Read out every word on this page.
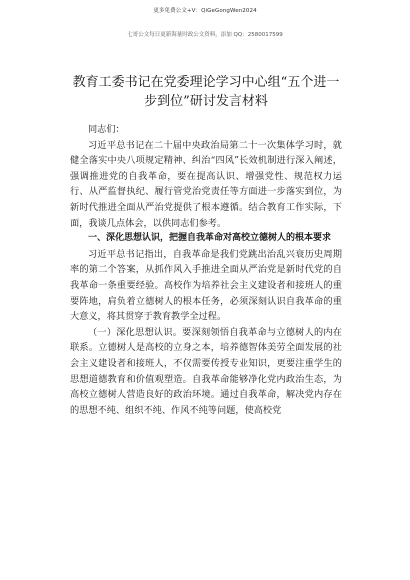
更多免费公文+V：QiGeGongWen2024
七哥公文每日更新海量时政公文资料，添加 QQ：2580017599
教育工委书记在党委理论学习中心组“五个进一步到位”研讨发言材料

同志们：

习近平总书记在二十届中央政治局第二十一次集体学习时，就健全落实中央八项规定精神、纠治“四风”长效机制进行深入阐述，强调推进党的自我革命，要在提高认识、增强党性、规范权力运行、从严监督执纪、履行管党治党责任等方面进一步落实到位，为新时代推进全面从严治党提供了根本遵循。结合教育工作实际，下面，我谈几点体会，以供同志们参考。

一、深化思想认识，把握自我革命对高校立德树人的根本要求

习近平总书记指出，自我革命是我们党跳出治乱兴衰历史周期率的第二个答案，从抓作风入手推进全面从严治党是新时代党的自我革命一条重要经验。高校作为培养社会主义建设者和接班人的重要阵地，肩负着立德树人的根本任务，必须深刻认识自我革命的重大意义，将其贯穿于教育教学全过程。

（一）深化思想认识。要深刻领悟自我革命与立德树人的内在联系。立德树人是高校的立身之本，培养德智体美劳全面发展的社会主义建设者和接班人，不仅需要传授专业知识，更要注重学生的思想道德教育和价值观塑造。自我革命能够净化党内政治生态，为高校立德树人营造良好的政治环境。通过自我革命，解决党内存在的思想不纯、组织不纯、作风不纯等问题，使高校党
